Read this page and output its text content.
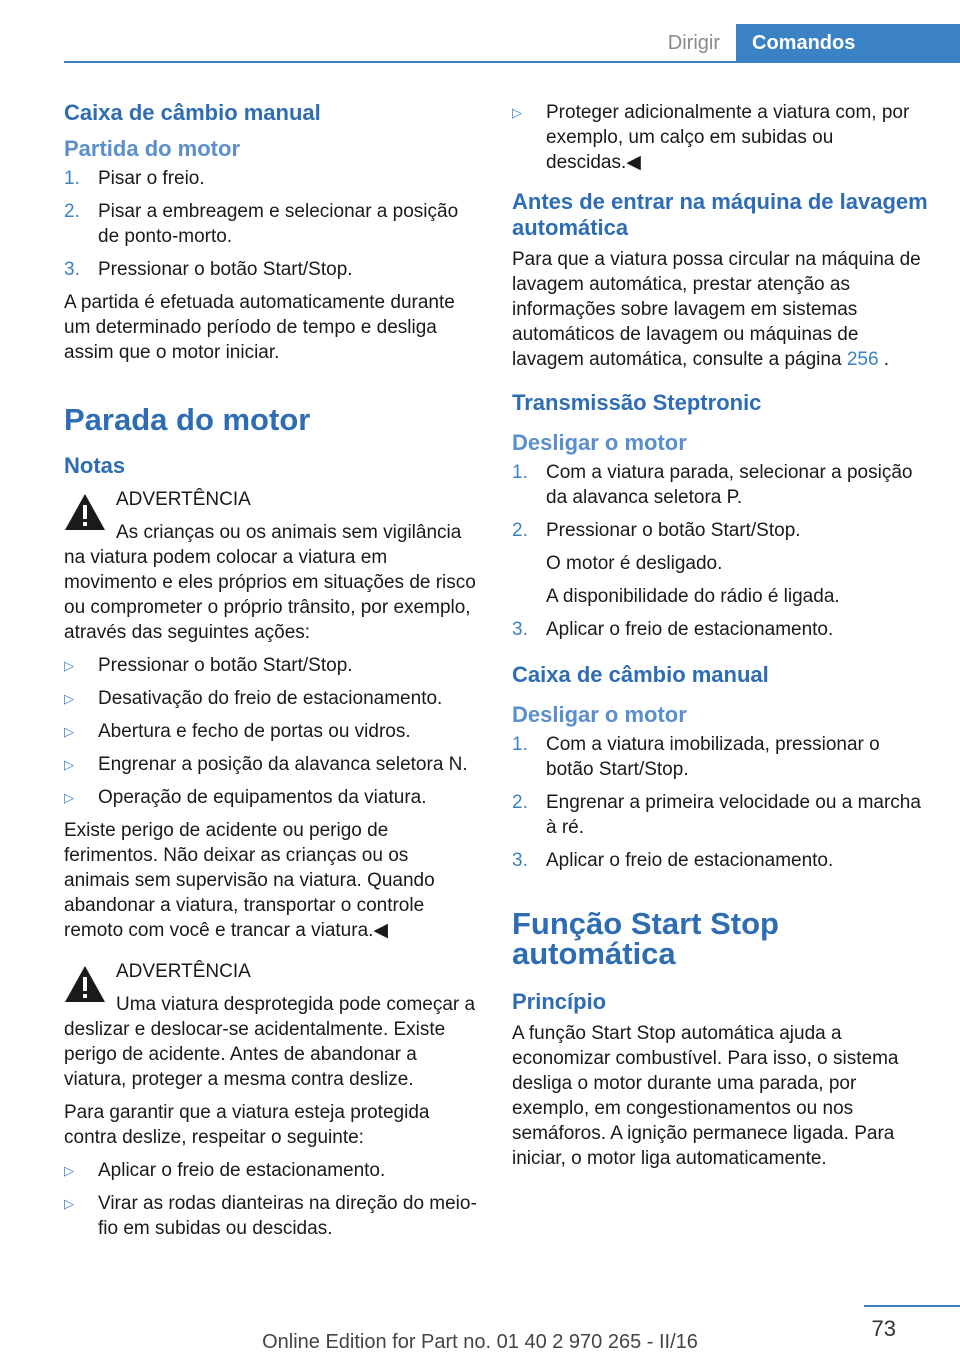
Dirigir	Comandos
Caixa de câmbio manual
Partida do motor
1. Pisar o freio.
2. Pisar a embreagem e selecionar a posição de ponto-morto.
3. Pressionar o botão Start/Stop.

A partida é efetuada automaticamente durante um determinado período de tempo e desliga assim que o motor iniciar.

Parada do motor
Notas
ADVERTÊNCIA
As crianças ou os animais sem vigilância na viatura podem colocar a viatura em movimento e eles próprios em situações de risco ou comprometer o próprio trânsito, por exemplo, através das seguintes ações:
▷ Pressionar o botão Start/Stop.
▷ Desativação do freio de estacionamento.
▷ Abertura e fecho de portas ou vidros.
▷ Engrenar a posição da alavanca seletora N.
▷ Operação de equipamentos da viatura.

Existe perigo de acidente ou perigo de ferimentos. Não deixar as crianças ou os animais sem supervisão na viatura. Quando abandonar a viatura, transportar o controle remoto com você e trancar a viatura.◀

ADVERTÊNCIA
Uma viatura desprotegida pode começar a deslizar e deslocar-se acidentalmente. Existe perigo de acidente. Antes de abandonar a viatura, proteger a mesma contra deslize.

Para garantir que a viatura esteja protegida contra deslize, respeitar o seguinte:

▷ Aplicar o freio de estacionamento.
▷ Virar as rodas dianteiras na direção do meio-fio em subidas ou descidas.
▷ Proteger adicionalmente a viatura com, por exemplo, um calço em subidas ou descidas.◀
Antes de entrar na máquina de lavagem automática

Para que a viatura possa circular na máquina de lavagem automática, prestar atenção as informações sobre lavagem em sistemas automáticos de lavagem ou máquinas de lavagem automática, consulte a página 256 .

Transmissão Steptronic
Desligar o motor
1. Com a viatura parada, selecionar a posição da alavanca seletora P.
2. Pressionar o botão Start/Stop.
O motor é desligado.
A disponibilidade do rádio é ligada.
3. Aplicar o freio de estacionamento.
Caixa de câmbio manual
Desligar o motor
1. Com a viatura imobilizada, pressionar o botão Start/Stop.
2. Engrenar a primeira velocidade ou a marcha à ré.
3. Aplicar o freio de estacionamento.
Função Start Stop automática
Princípio

A função Start Stop automática ajuda a economizar combustível. Para isso, o sistema desliga o motor durante uma parada, por exemplo, em congestionamentos ou nos semáforos. A ignição permanece ligada. Para iniciar, o motor liga automaticamente.

73
Online Edition for Part no. 01 40 2 970 265 - II/16
